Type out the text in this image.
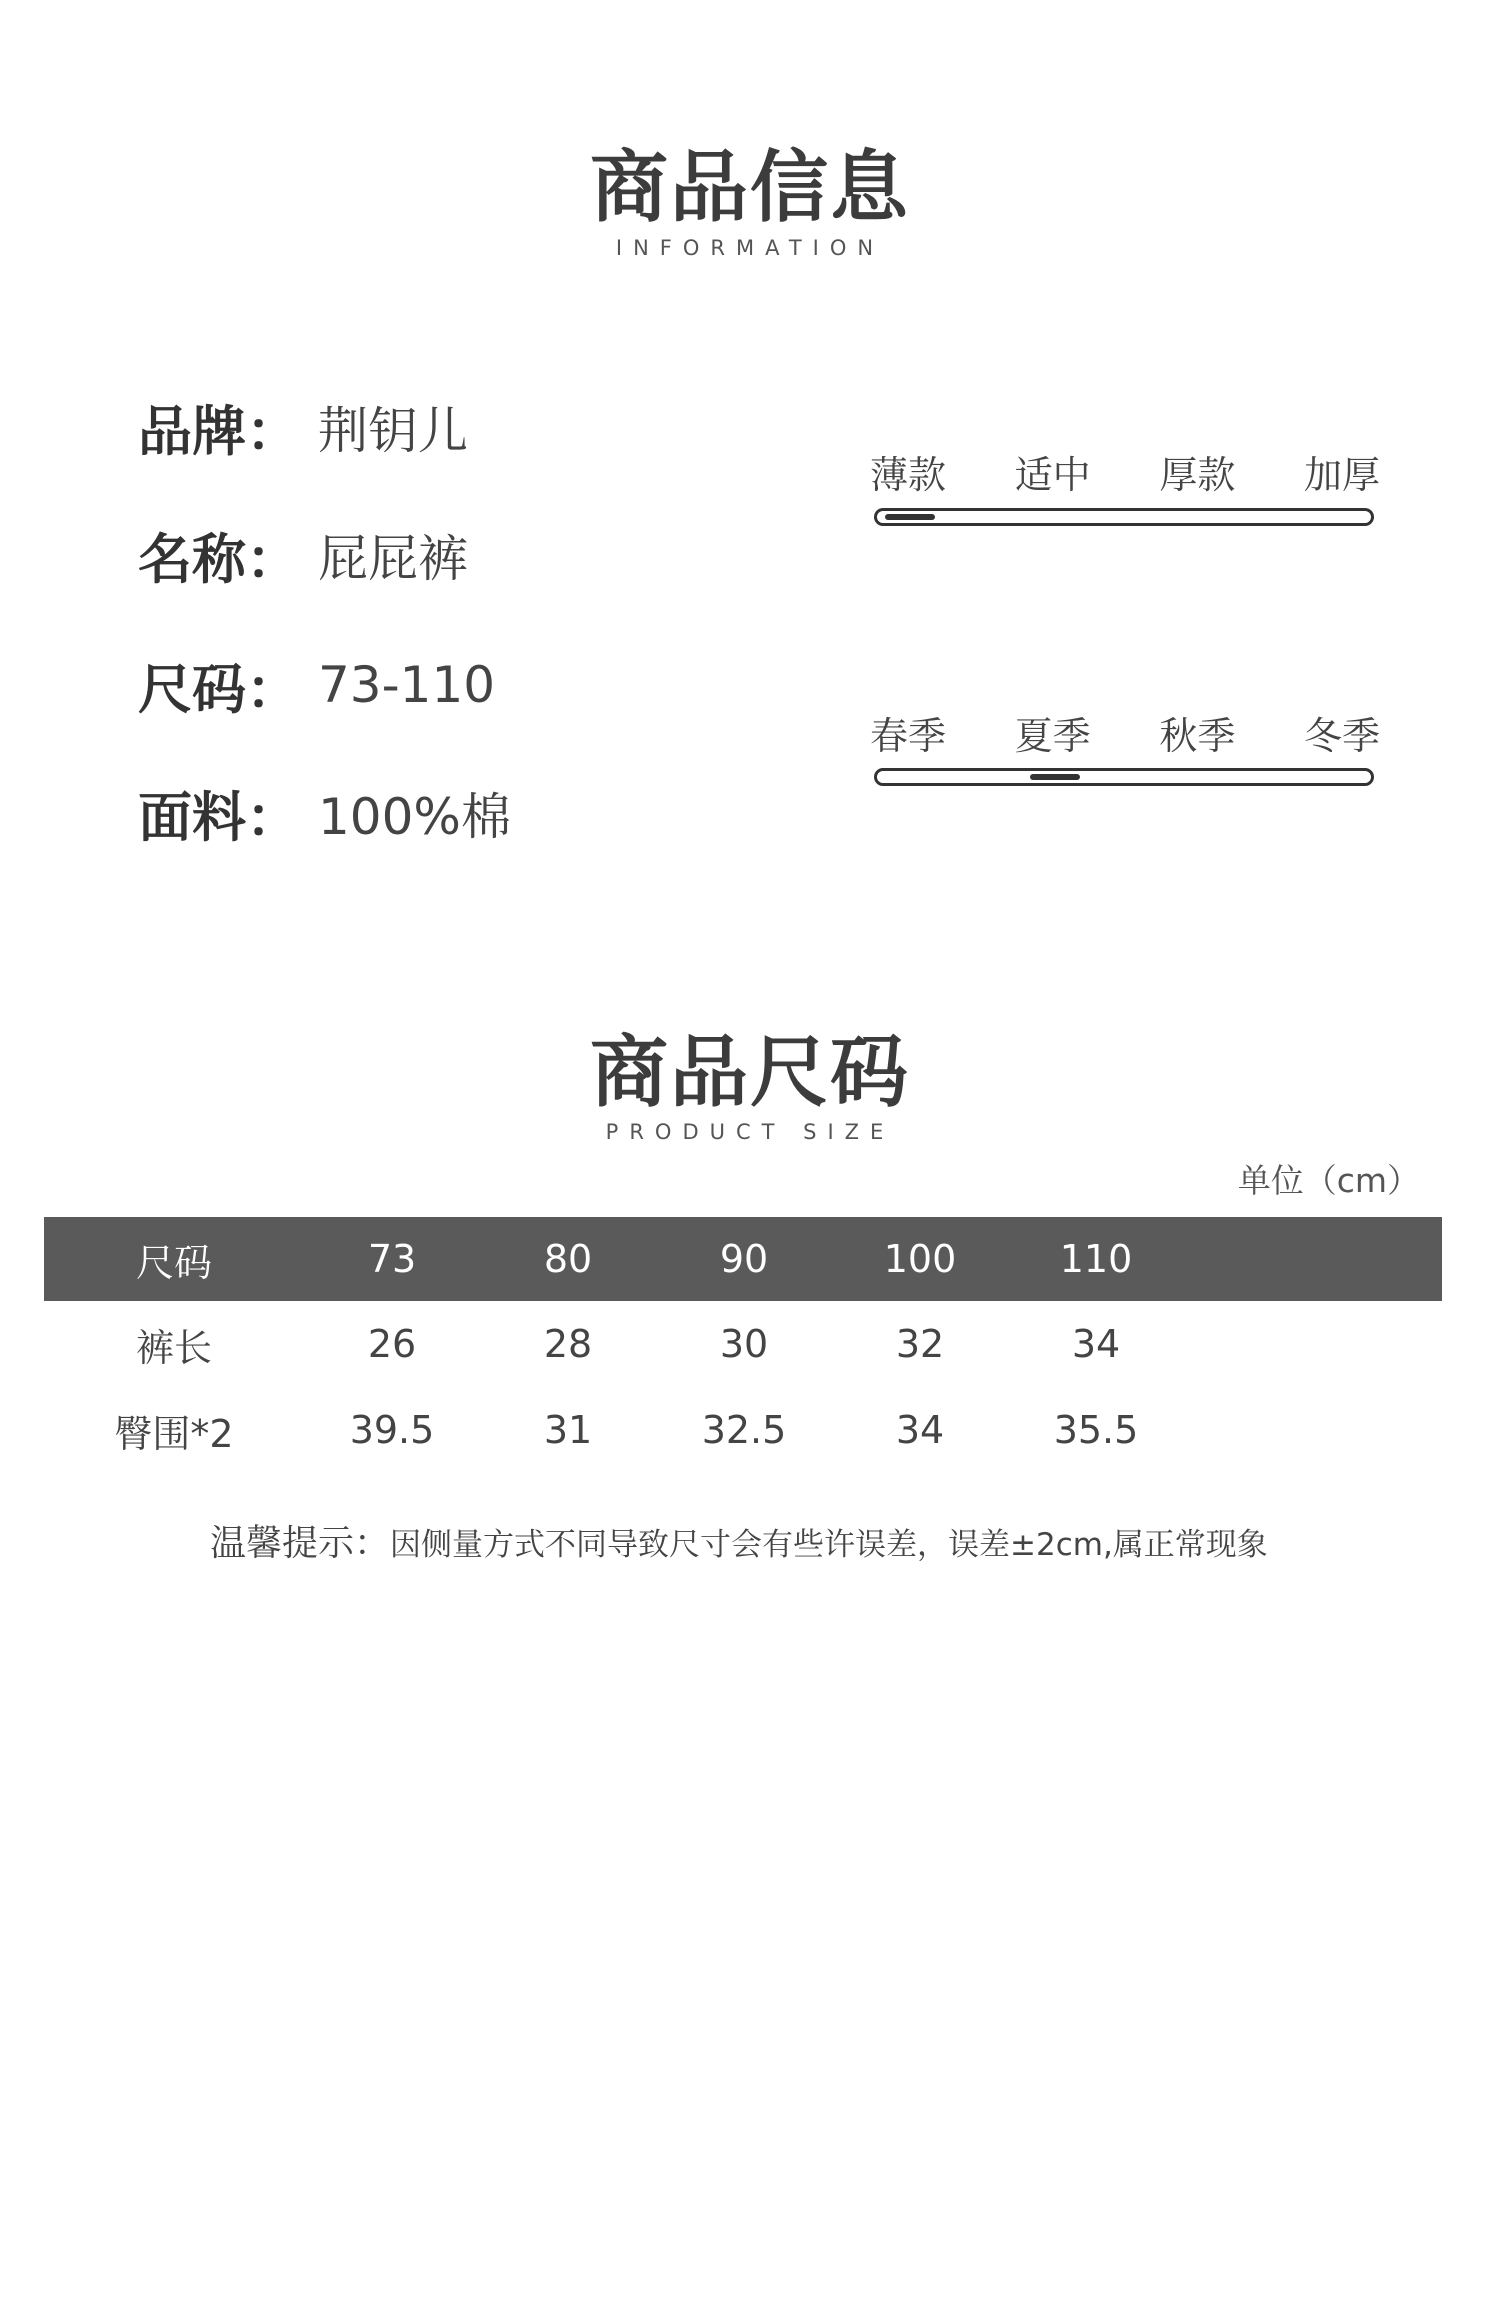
商品信息
INFORMATION
品牌： 荆钥儿
名称： 屁屁裤
尺码： 73-110
面料： 100%棉
薄款 适中 厚款 加厚
春季 夏季 秋季 冬季
商品尺码
PRODUCT SIZE
单位（cm）
尺码	73	80	90	100	110	
裤长	26	28	30	32	34	
臀围*2	39.5	31	32.5	34	35.5	
温馨提示：因侧量方式不同导致尺寸会有些许误差，误差±2cm,属正常现象
